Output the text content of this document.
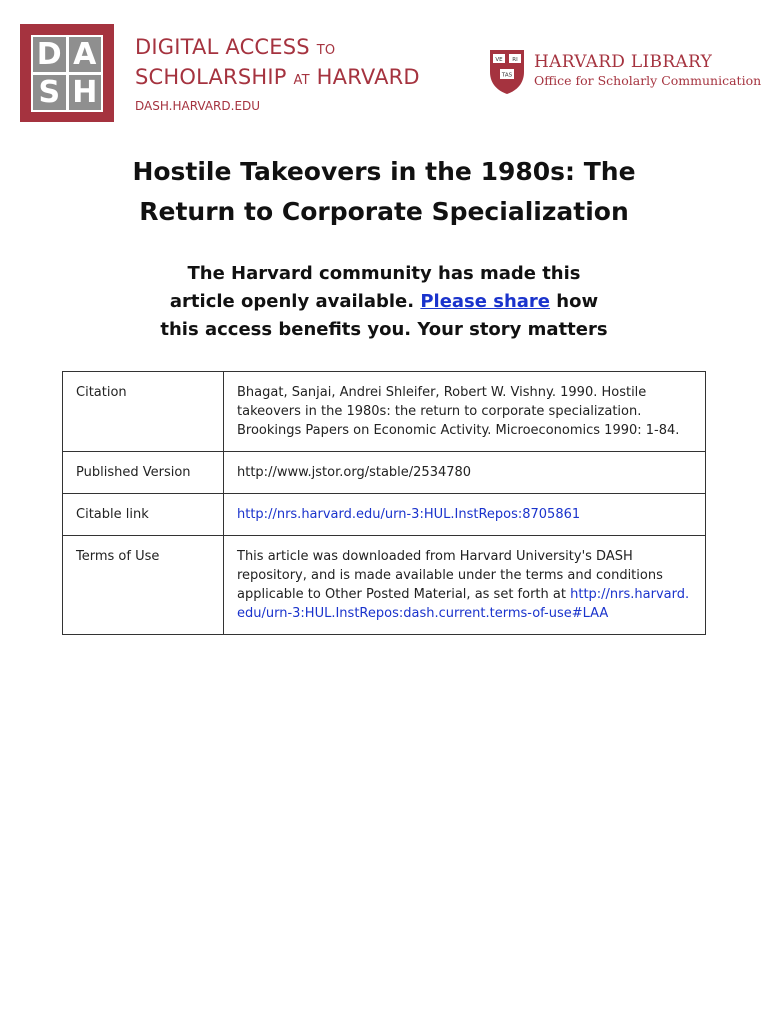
D A
S H
DIGITAL ACCESS TO
SCHOLARSHIP AT HARVARD
DASH.HARVARD.EDU
VE RI
TAS
HARVARD LIBRARY
Office for Scholarly Communication
Hostile Takeovers in the 1980s: The
Return to Corporate Specialization
The Harvard community has made this
article openly available. Please share how
this access benefits you. Your story matters
Citation	Bhagat, Sanjai, Andrei Shleifer, Robert W. Vishny. 1990. Hostile takeovers in the 1980s: the return to corporate specialization. Brookings Papers on Economic Activity. Microeconomics 1990: 1-84.
Published Version	http://www.jstor.org/stable/2534780
Citable link	http://nrs.harvard.edu/urn-3:HUL.InstRepos:8705861
Terms of Use	This article was downloaded from Harvard University's DASH repository, and is made available under the terms and conditions applicable to Other Posted Material, as set forth at http://nrs.harvard.edu/urn-3:HUL.InstRepos:dash.current.terms-of-use#LAA
